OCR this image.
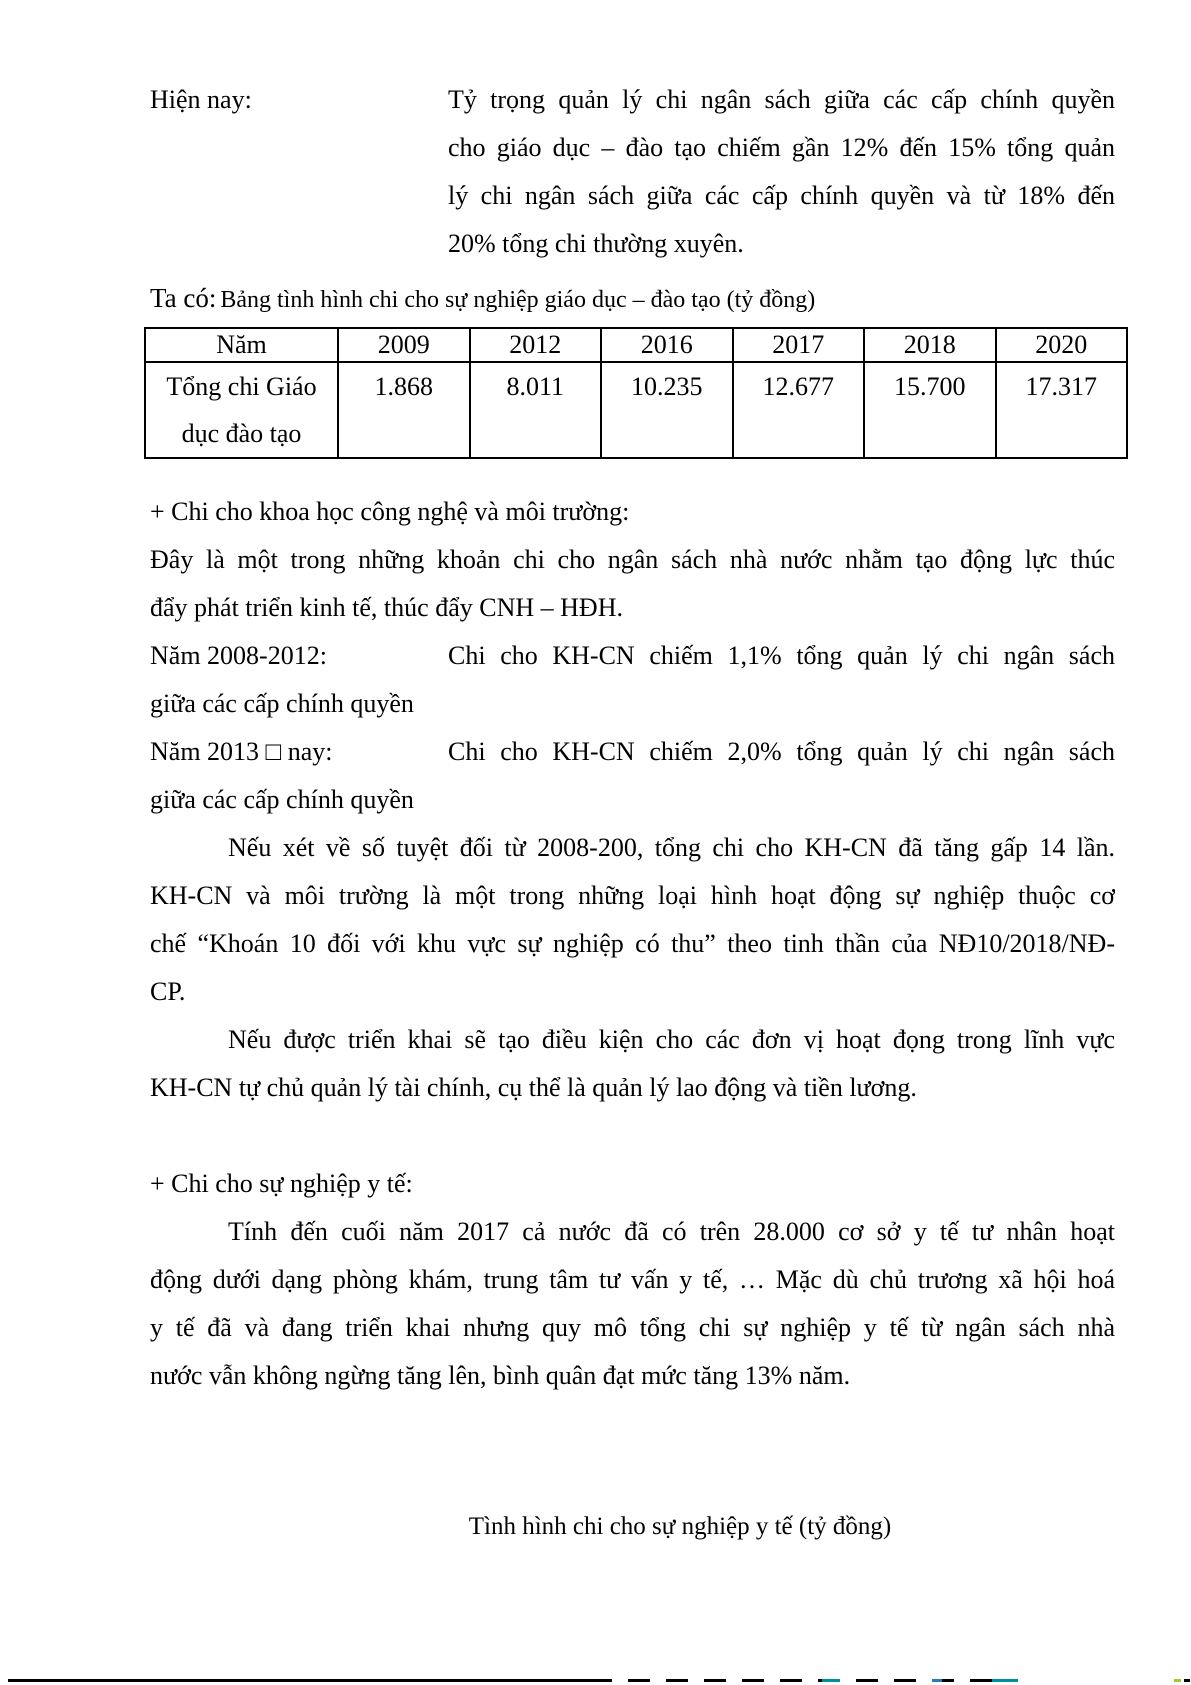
Hiện nay:	Tỷ trọng quản lý chi ngân sách giữa các cấp chính quyền
cho giáo dục – đào tạo chiếm gần 12% đến 15% tổng quản
lý chi ngân sách giữa các cấp chính quyền và từ 18% đến
20% tổng chi thường xuyên.
Ta có: Bảng tình hình chi cho sự nghiệp giáo dục – đào tạo (tỷ đồng)
Năm	2009	2012	2016	2017	2018	2020

Tổng chi Giáo
dục đào tạo	1.868	8.011	10.235	12.677	15.700	17.317
+ Chi cho khoa học công nghệ và môi trường:
Đây là một trong những khoản chi cho ngân sách nhà nước nhằm tạo động lực thúc
đẩy phát triển kinh tế, thúc đẩy CNH – HĐH.
Năm 2008-2012:	Chi cho KH-CN chiếm 1,1% tổng quản lý chi ngân sách
giữa các cấp chính quyền
Năm 2013 □ nay:	Chi cho KH-CN chiếm 2,0% tổng quản lý chi ngân sách
giữa các cấp chính quyền
Nếu xét về số tuyệt đối từ 2008-200, tổng chi cho KH-CN đã tăng gấp 14 lần.
KH-CN và môi trường là một trong những loại hình hoạt động sự nghiệp thuộc cơ
chế “Khoán 10 đối với khu vực sự nghiệp có thu” theo tinh thần của NĐ10/2018/NĐ-
CP.
Nếu được triển khai sẽ tạo điều kiện cho các đơn vị hoạt đọng trong lĩnh vực
KH-CN tự chủ quản lý tài chính, cụ thể là quản lý lao động và tiền lương.
+ Chi cho sự nghiệp y tế:
Tính đến cuối năm 2017 cả nước đã có trên 28.000 cơ sở y tế tư nhân hoạt
động dưới dạng phòng khám, trung tâm tư vấn y tế, … Mặc dù chủ trương xã hội hoá
y tế đã và đang triển khai nhưng quy mô tổng chi sự nghiệp y tế từ ngân sách nhà
nước vẫn không ngừng tăng lên, bình quân đạt mức tăng 13% năm.
Tình hình chi cho sự nghiệp y tế (tỷ đồng)
